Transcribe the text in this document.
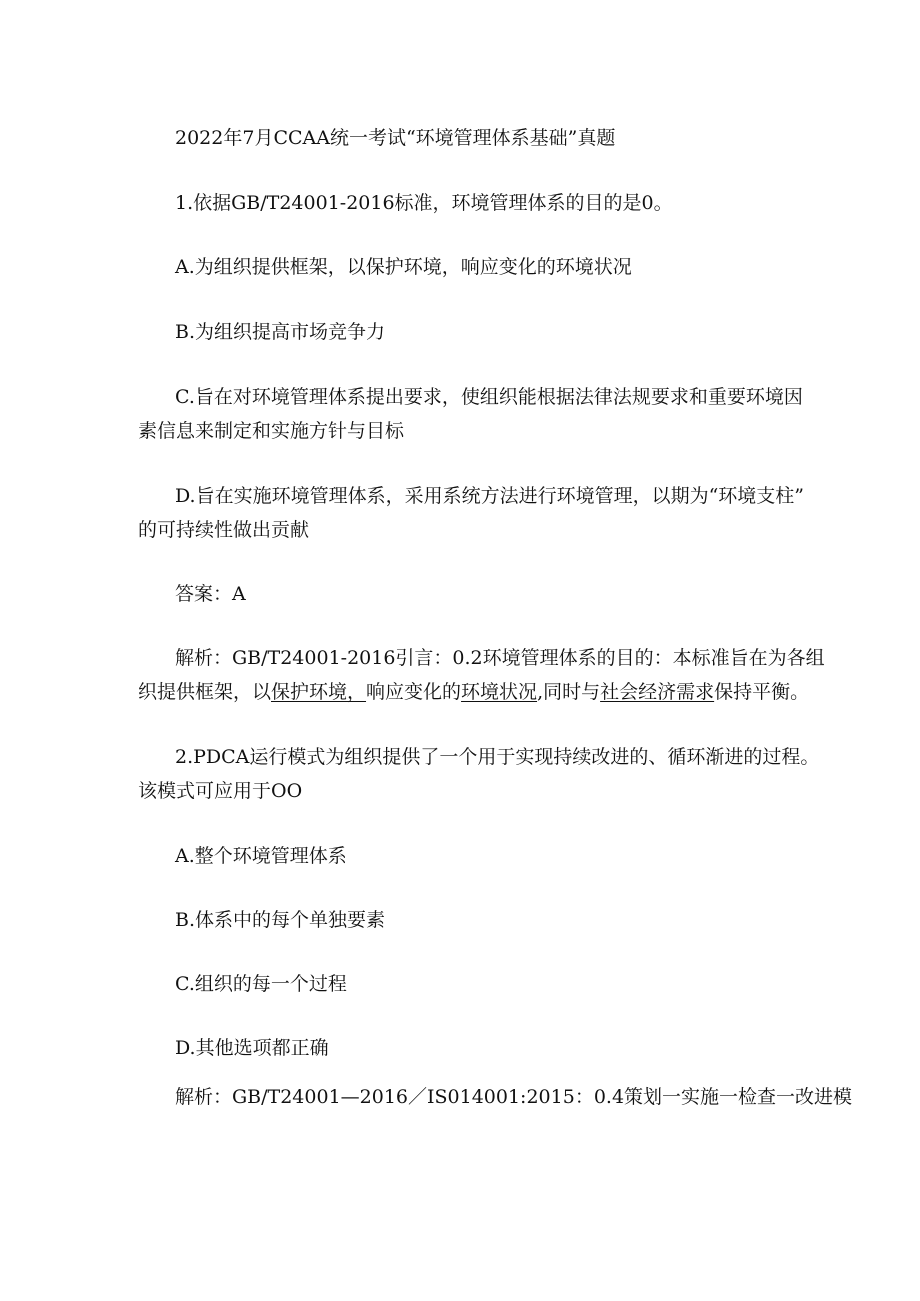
2022年7月CCAA统一考试“环境管理体系基础”真题
1.依据GB/T24001-2016标准，环境管理体系的目的是0。
A.为组织提供框架，以保护环境，响应变化的环境状况
B.为组织提高市场竞争力
C.旨在对环境管理体系提出要求，使组织能根据法律法规要求和重要环境因
素信息来制定和实施方针与目标
D.旨在实施环境管理体系，采用系统方法进行环境管理，以期为“环境支柱”
的可持续性做出贡献
答案：A
解析：GB/T24001-2016引言：0.2环境管理体系的目的：本标准旨在为各组
织提供框架，以保护环境，响应变化的环境状况,同时与社会经济需求保持平衡。
2.PDCA运行模式为组织提供了一个用于实现持续改进的、循环渐进的过程。
该模式可应用于OO
A.整个环境管理体系
B.体系中的每个单独要素
C.组织的每一个过程
D.其他选项都正确
解析：GB/T24001—2016／IS014001:2015：0.4策划一实施一检查一改进模
